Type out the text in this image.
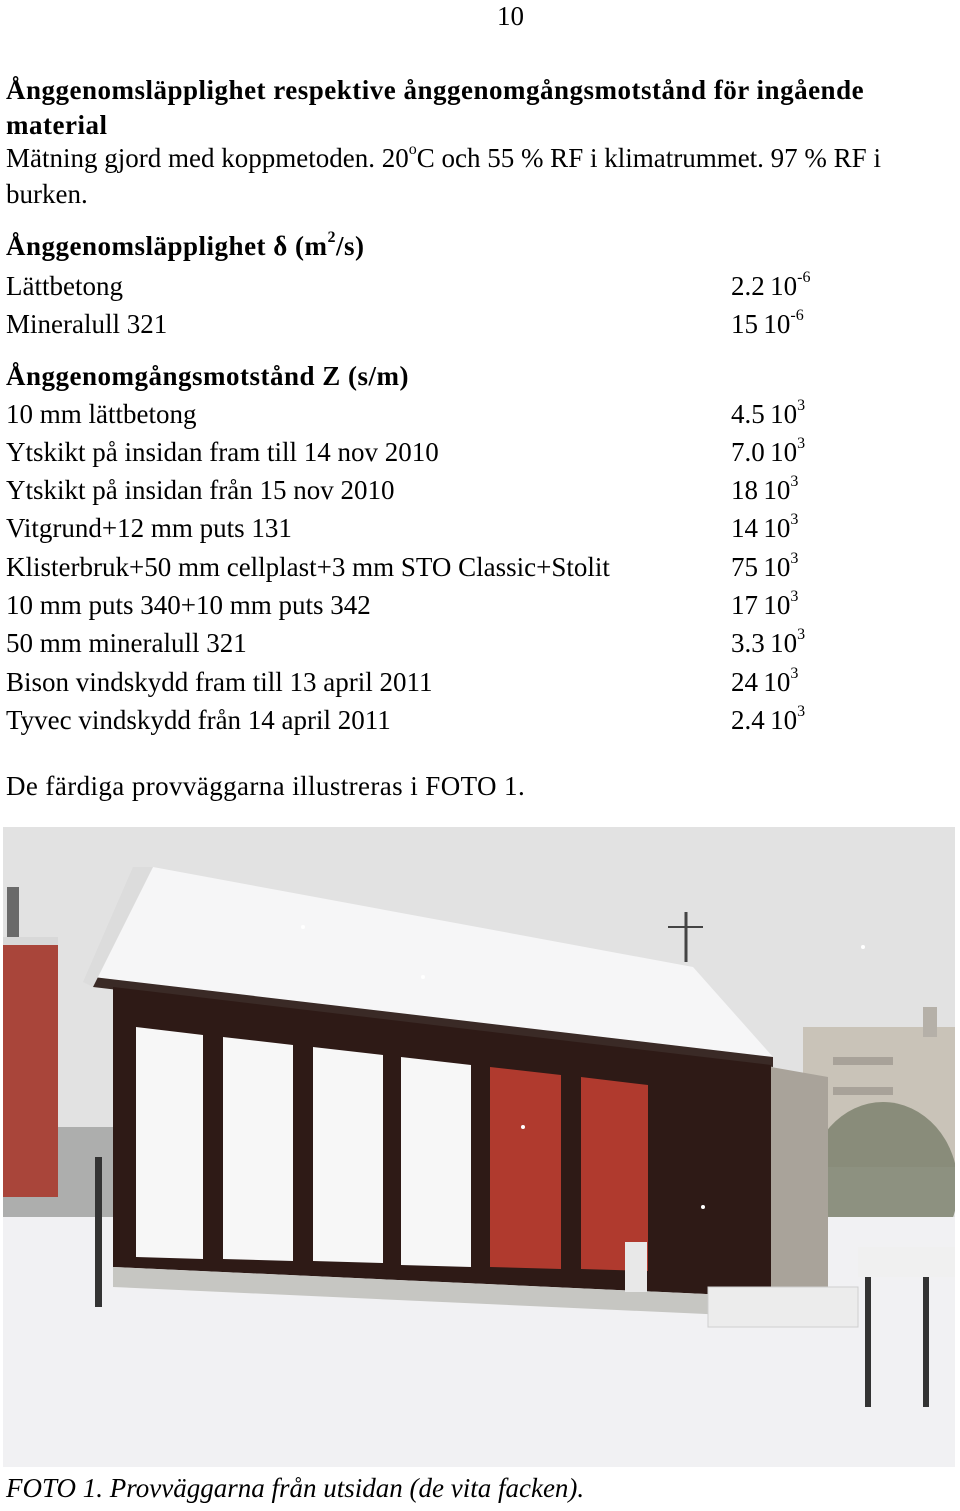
10
Ånggenomsläpplighet respektive ånggenomgångsmotstånd för ingående
material
Mätning gjord med koppmetoden. 20$^o$C och 55 % RF i klimatrummet. 97 % RF i
burken.
Ånggenomsläpplighet δ $(m^2/s)$
Lättbetong	2.2  $10^{-6}$
Mineralull 321	15  $10^{-6}$
Ånggenomgångsmotstånd Z (s/m)
10 mm lättbetong	4.5  $10^3$
Ytskikt på insidan fram till 14 nov 2010	7.0  $10^3$
Ytskikt på insidan från 15 nov 2010	18  $10^3$
Vitgrund+12 mm puts 131	14  $10^3$
Klisterbruk+50 mm cellplast+3 mm STO Classic+Stolit	75  $10^3$
10 mm puts 340+10 mm puts 342	17  $10^3$
50 mm mineralull 321	3.3  $10^3$
Bison vindskydd fram till 13 april 2011	24  $10^3$
Tyvec vindskydd från 14 april 2011	2.4  $10^3$
De färdiga provväggarna illustreras i FOTO 1.
FOTO 1. Provväggarna från utsidan (de vita facken).
